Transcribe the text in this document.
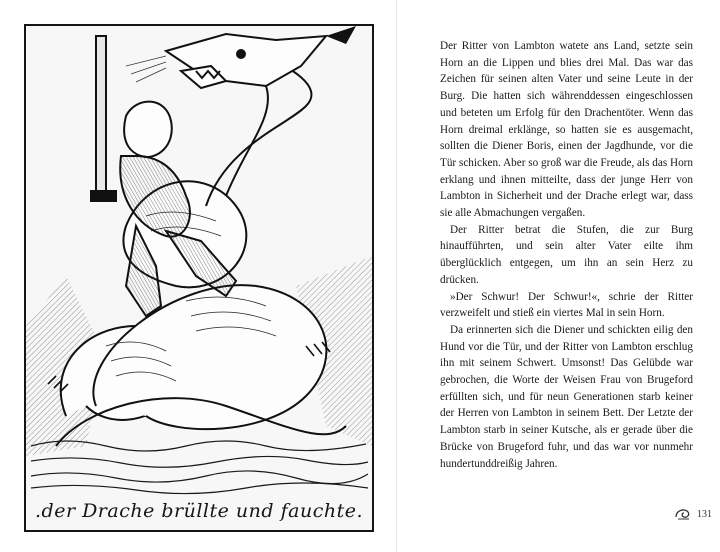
.der Drache brüllte und fauchte.

Der Ritter von Lambton watete ans Land, setzte sein Horn an die Lippen und blies drei Mal. Das war das Zeichen für seinen alten Vater und seine Leute in der Burg. Die hatten sich währenddessen eingeschlossen und beteten um Erfolg für den Drachentöter. Wenn das Horn dreimal erklänge, so hatten sie es ausgemacht, sollten die Diener Boris, einen der Jagdhunde, vor die Tür schicken. Aber so groß war die Freude, als das Horn erklang und ihnen mitteilte, dass der junge Herr von Lambton in Sicherheit und der Drache erlegt war, dass sie alle Abmachungen vergaßen.

Der Ritter betrat die Stufen, die zur Burg hinaufführten, und sein alter Vater eilte ihm überglücklich entgegen, um ihn an sein Herz zu drücken.

»Der Schwur! Der Schwur!«, schrie der Ritter verzweifelt und stieß ein viertes Mal in sein Horn.

Da erinnerten sich die Diener und schickten eilig den Hund vor die Tür, und der Ritter von Lambton erschlug ihn mit seinem Schwert. Umsonst! Das Gelübde war gebrochen, die Worte der Weisen Frau von Brugeford erfüllten sich, und für neun Generationen starb keiner der Herren von Lambton in seinem Bett. Der Letzte der Lambton starb in seiner Kutsche, als er gerade über die Brücke von Brugeford fuhr, und das war vor nunmehr hundertunddreißig Jahren.

131
